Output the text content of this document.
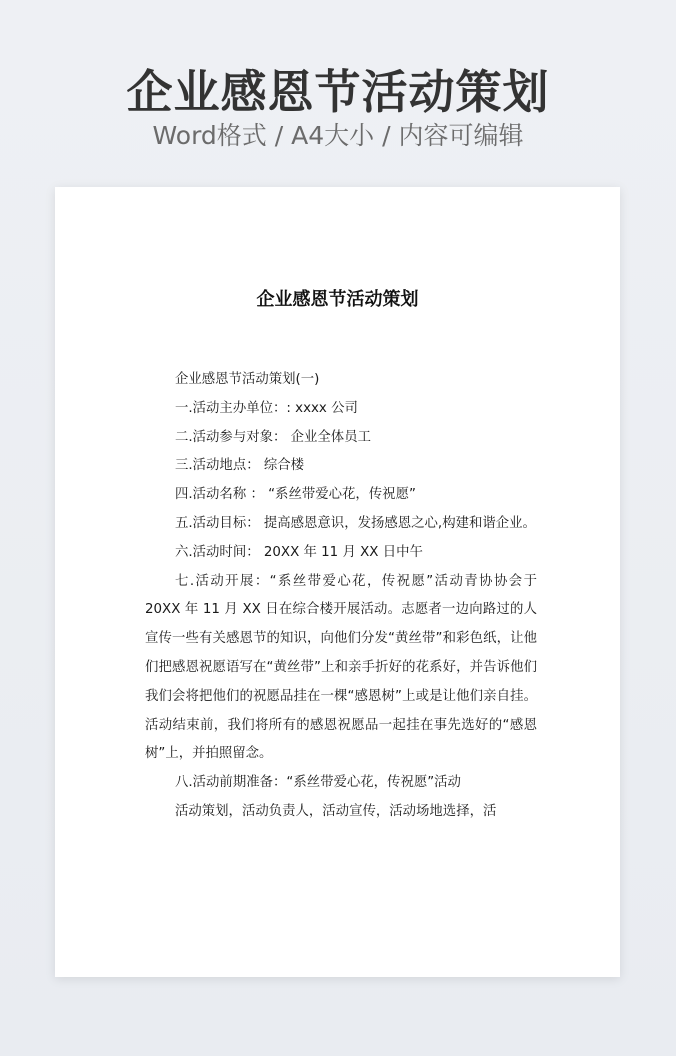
企业感恩节活动策划
Word格式 / A4大小 / 内容可编辑
企业感恩节活动策划

企业感恩节活动策划(一)

一.活动主办单位：: xxxx 公司

二.活动参与对象： 企业全体员工

三.活动地点： 综合楼

四.活动名称 ： “系丝带爱心花，传祝愿”

五.活动目标： 提高感恩意识，发扬感恩之心,构建和谐企业。

六.活动时间： 20XX 年 11 月 XX 日中午

七.活动开展：“系丝带爱心花，传祝愿”活动青协协会于 20XX 年 11 月 XX 日在综合楼开展活动。志愿者一边向路过的人宣传一些有关感恩节的知识，向他们分发“黄丝带”和彩色纸，让他们把感恩祝愿语写在“黄丝带”上和亲手折好的花系好，并告诉他们我们会将把他们的祝愿品挂在一棵“感恩树”上或是让他们亲自挂。活动结束前，我们将所有的感恩祝愿品一起挂在事先选好的“感恩树”上，并拍照留念。

八.活动前期准备：“系丝带爱心花，传祝愿”活动

活动策划，活动负责人，活动宣传，活动场地选择，活
